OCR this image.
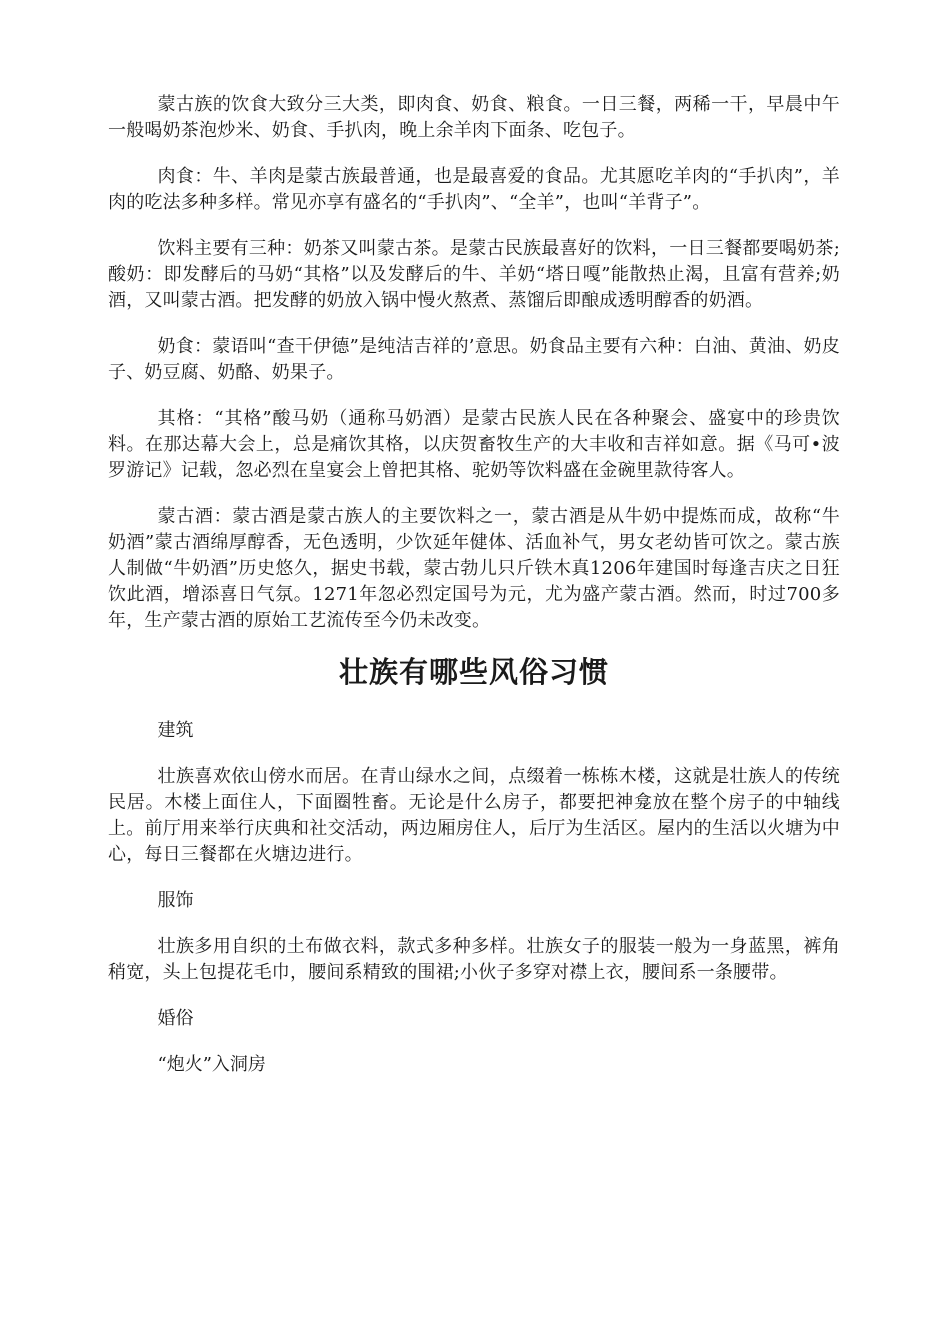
蒙古族的饮食大致分三大类，即肉食、奶食、粮食。一日三餐，两稀一干，早晨中午一般喝奶茶泡炒米、奶食、手扒肉，晚上余羊肉下面条、吃包子。

肉食：牛、羊肉是蒙古族最普通，也是最喜爱的食品。尤其愿吃羊肉的“手扒肉”，羊肉的吃法多种多样。常见亦享有盛名的“手扒肉”、“全羊”，也叫“羊背子”。

饮料主要有三种：奶茶又叫蒙古茶。是蒙古民族最喜好的饮料，一日三餐都要喝奶茶;酸奶：即发酵后的马奶“其格”以及发酵后的牛、羊奶“塔日嘎”能散热止渴，且富有营养;奶酒，又叫蒙古酒。把发酵的奶放入锅中慢火熬煮、蒸馏后即酿成透明醇香的奶酒。

奶食：蒙语叫“查干伊德”是纯洁吉祥的’意思。奶食品主要有六种：白油、黄油、奶皮子、奶豆腐、奶酪、奶果子。

其格：“其格”酸马奶（通称马奶酒）是蒙古民族人民在各种聚会、盛宴中的珍贵饮料。在那达幕大会上，总是痛饮其格，以庆贺畜牧生产的大丰收和吉祥如意。据《马可•波罗游记》记载，忽必烈在皇宴会上曾把其格、驼奶等饮料盛在金碗里款待客人。

蒙古酒：蒙古酒是蒙古族人的主要饮料之一，蒙古酒是从牛奶中提炼而成，故称“牛奶酒”蒙古酒绵厚醇香，无色透明，少饮延年健体、活血补气，男女老幼皆可饮之。蒙古族人制做“牛奶酒”历史悠久，据史书载，蒙古勃儿只斤铁木真1206年建国时每逢吉庆之日狂饮此酒，增添喜日气氛。1271年忽必烈定国号为元，尤为盛产蒙古酒。然而，时过700多年，生产蒙古酒的原始工艺流传至今仍未改变。

壮族有哪些风俗习惯

建筑

壮族喜欢依山傍水而居。在青山绿水之间，点缀着一栋栋木楼，这就是壮族人的传统民居。木楼上面住人，下面圈牲畜。无论是什么房子，都要把神龛放在整个房子的中轴线上。前厅用来举行庆典和社交活动，两边厢房住人，后厅为生活区。屋内的生活以火塘为中心，每日三餐都在火塘边进行。

服饰

壮族多用自织的土布做衣料，款式多种多样。壮族女子的服装一般为一身蓝黑，裤角稍宽，头上包提花毛巾，腰间系精致的围裙;小伙子多穿对襟上衣，腰间系一条腰带。

婚俗

“炮火”入洞房
